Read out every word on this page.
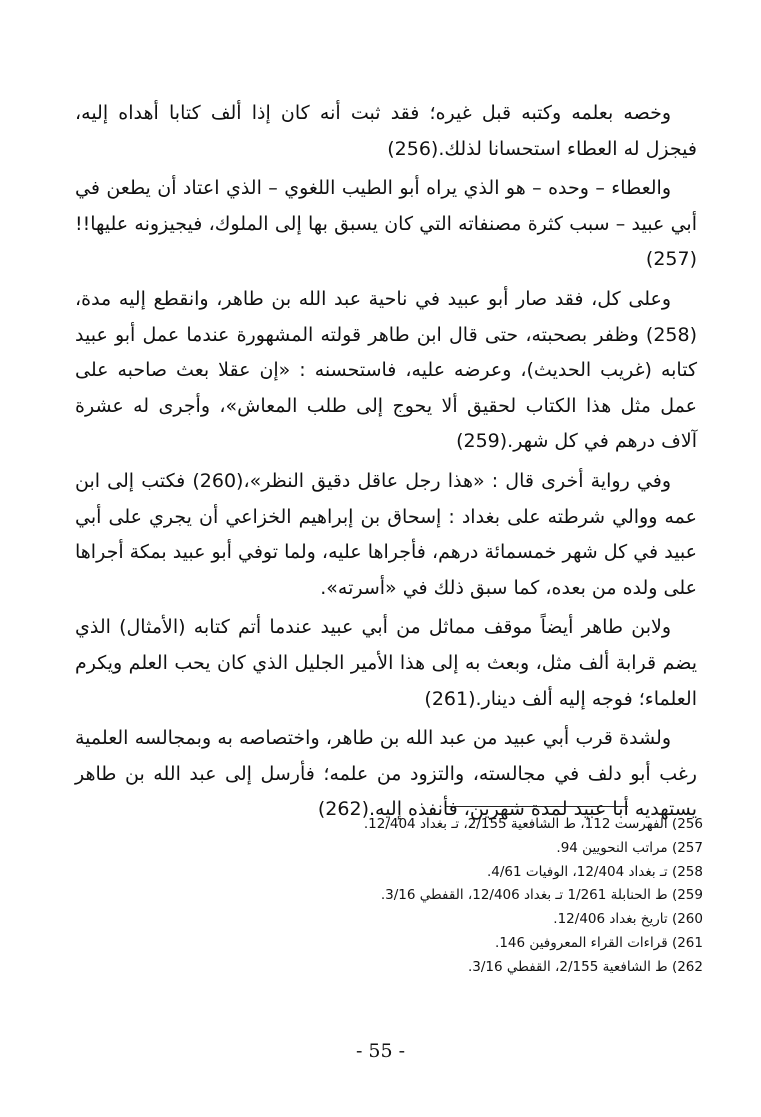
وخصه بعلمه وكتبه قبل غيره؛ فقد ثبت أنه كان إذا ألف كتابا أهداه إليه، فيجزل له العطاء استحسانا لذلك.(256)

والعطاء – وحده – هو الذي يراه أبو الطيب اللغوي – الذي اعتاد أن يطعن في أبي عبيد – سبب كثرة مصنفاته التي كان يسبق بها إلى الملوك، فيجيزونه عليها!!(257)

وعلى كل، فقد صار أبو عبيد في ناحية عبد الله بن طاهر، وانقطع إليه مدة،(258) وظفر بصحبته، حتى قال ابن طاهر قولته المشهورة عندما عمل أبو عبيد كتابه (غريب الحديث)، وعرضه عليه، فاستحسنه : «إن عقلا بعث صاحبه على عمل مثل هذا الكتاب لحقيق ألا يحوج إلى طلب المعاش»، وأجرى له عشرة آلاف درهم في كل شهر.(259)

وفي رواية أخرى قال : «هذا رجل عاقل دقيق النظر»،(260) فكتب إلى ابن عمه ووالي شرطته على بغداد : إسحاق بن إبراهيم الخزاعي أن يجري على أبي عبيد في كل شهر خمسمائة درهم، فأجراها عليه، ولما توفي أبو عبيد بمكة أجراها على ولده من بعده، كما سبق ذلك في «أسرته».

ولابن طاهر أيضاً موقف مماثل من أبي عبيد عندما أتم كتابه (الأمثال) الذي يضم قرابة ألف مثل، وبعث به إلى هذا الأمير الجليل الذي كان يحب العلم ويكرم العلماء؛ فوجه إليه ألف دينار.(261)

ولشدة قرب أبي عبيد من عبد الله بن طاهر، واختصاصه به وبمجالسه العلمية رغب أبو دلف في مجالسته، والتزود من علمه؛ فأرسل إلى عبد الله بن طاهر يستهديه أبا عبيد لمدة شهرين، فأنفذه إليه.(262)

256) الفهرست 112، ط الشافعية 2/155، تـ بغداد 12/404.
257) مراتب النحويين 94.
258) تـ بغداد 12/404، الوفيات 4/61.
259) ط الحنابلة 1/261 تـ بغداد 12/406، القفطي 3/16.
260) تاريخ بغداد 12/406.
261) قراءات القراء المعروفين 146.
262) ط الشافعية 2/155، القفطي 3/16.
- 55 -
